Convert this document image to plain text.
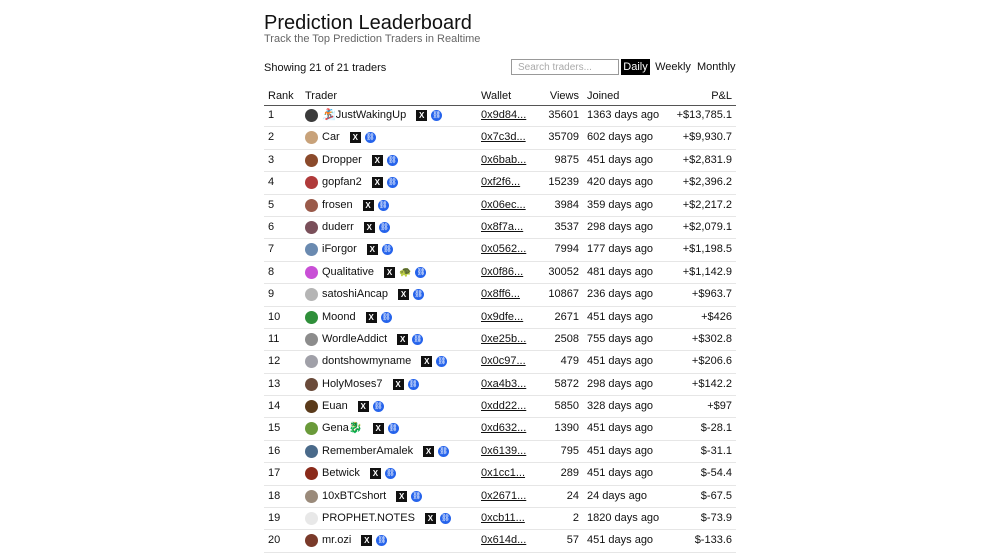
Prediction Leaderboard
Track the Top Prediction Traders in Realtime
Showing 21 of 21 traders
Search traders...	Daily Weekly Monthly
Rank Trader	Wallet	Views Joined	P&L
1	🏂JustWakingUp	X	⛓	0x9d84...	35601 1363 days ago +$13,785.1
2	Car	X	⛓	0x7c3d...	35709 602 days ago	+$9,930.7
3	Dropper	X	⛓	0x6bab...	9875 451 days ago	+$2,831.9
4	gopfan2	X	⛓	0xf2f6...	15239 420 days ago	+$2,396.2
5	frosen	X	⛓	0x06ec...	3984 359 days ago	+$2,217.2
6	duderr	X	⛓	0x8f7a...	3537 298 days ago	+$2,079.1
7	iForgor	X	⛓	0x0562...	7994 177 days ago	+$1,198.5
8	Qualitative	X 🐢 ⛓	0x0f86...	30052 481 days ago	+$1,142.9
9	satoshiAncap	X	⛓	0x8ff6...	10867 236 days ago	+$963.7
10	Moond	X	⛓	0x9dfe...	2671 451 days ago	+$426
11	WordleAddict	X	⛓	0xe25b...	2508 755 days ago	+$302.8
12	dontshowmyname	X	⛓	0x0c97...	479 451 days ago	+$206.6
13	HolyMoses7	X	⛓	0xa4b3...	5872 298 days ago	+$142.2
14	Euan	X	⛓	0xdd22...	5850 328 days ago	+$97
15	Gena🐉	X	⛓	0xd632...	1390 451 days ago	$-28.1
16	RememberAmalek	X	⛓	0x6139...	795 451 days ago	$-31.1
17	Betwick	X	⛓	0x1cc1...	289 451 days ago	$-54.4
18	10xBTCshort	X	⛓	0x2671...	24 24 days ago	$-67.5
19	PROPHET.NOTES	X	⛓	0xcb11...	2 1820 days ago	$-73.9
20	mr.ozi	X	⛓	0x614d...	57 451 days ago	$-133.6
